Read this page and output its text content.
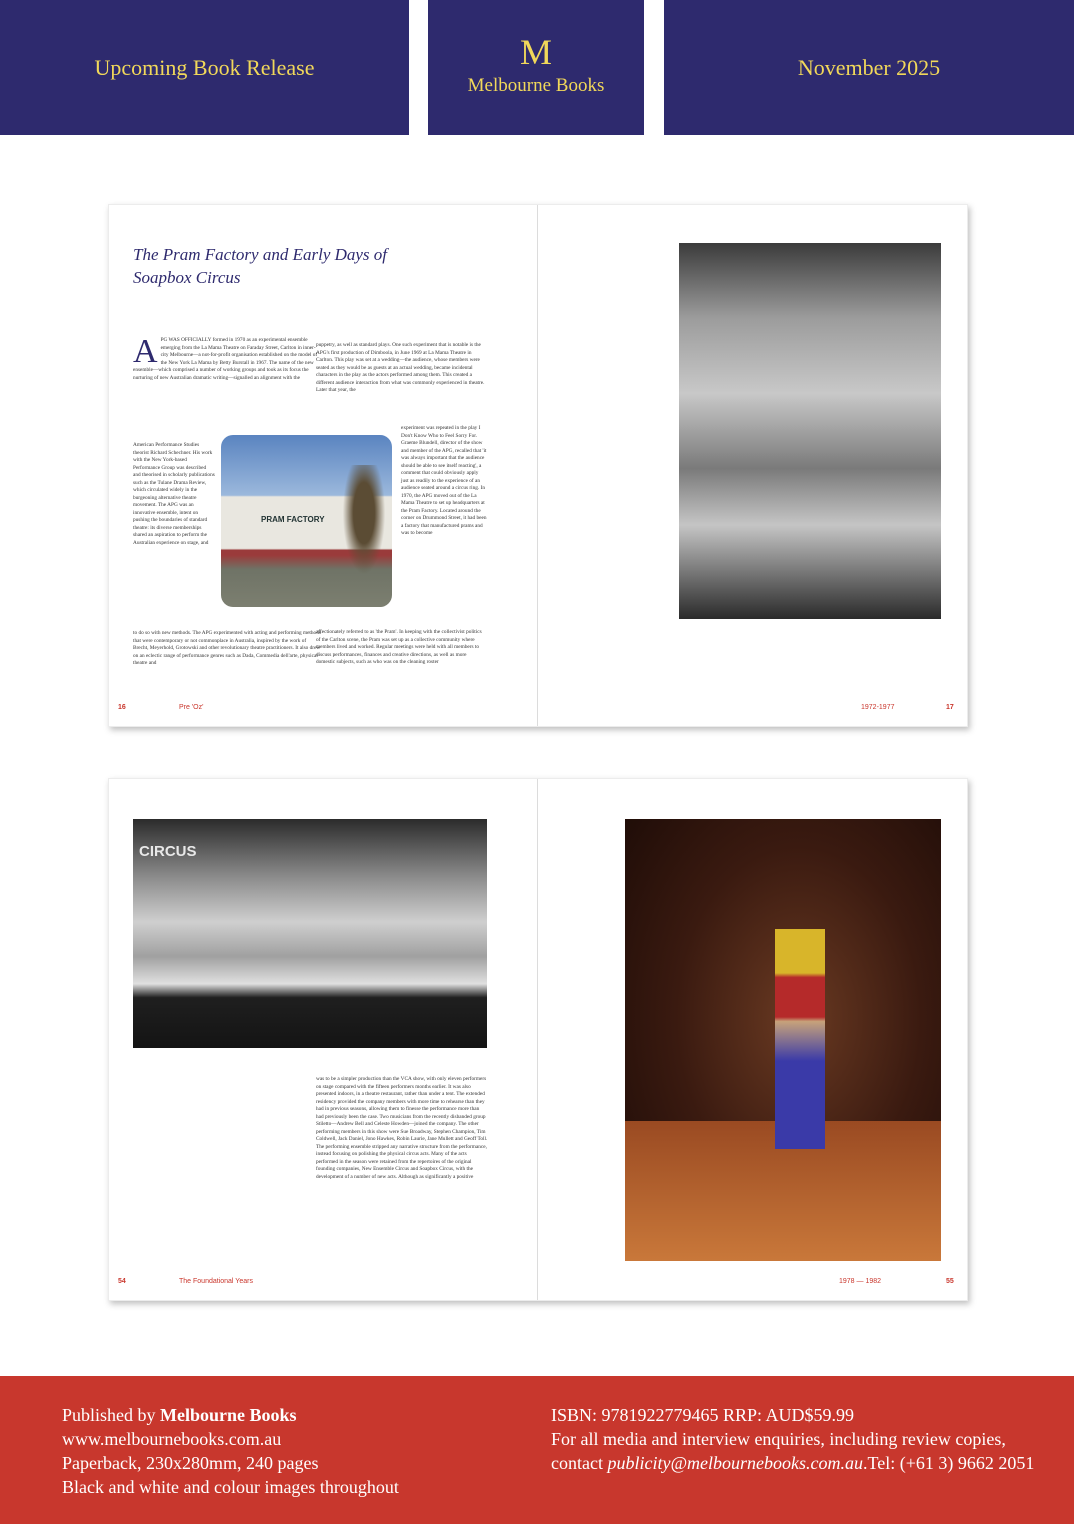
Upcoming Book Release	M
Melbourne Books
November 2025
The Pram Factory and Early Days of Soapbox Circus
APG WAS OFFICIALLY formed in 1970 as an experimental ensemble emerging from the La Mama Theatre on Faraday Street, Carlton in inner-city Melbourne—a not-for-profit organisation established on the model of the New York La Mama by Betty Burstall in 1967. The name of the new ensemble—which comprised a number of working groups and took as its focus the nurturing of new Australian dramatic writing—signalled an alignment with the
American Performance Studies theorist Richard Schechner. His work with the New York-based Performance Group was described and theorised in scholarly publications such as the Tulane Drama Review, which circulated widely in the burgeoning alternative theatre movement. The APG was an innovative ensemble, intent on pushing the boundaries of standard theatre: its diverse memberships shared an aspiration to perform the Australian experience on stage, and
to do so with new methods. The APG experimented with acting and performing methods that were contemporary or not commonplace in Australia, inspired by the work of Brecht, Meyerhold, Grotowski and other revolutionary theatre practitioners. It also drew on an eclectic range of performance genres such as Dada, Commedia dell'arte, physical theatre and
puppetry, as well as standard plays. One such experiment that is notable is the APG's first production of Dimboola, in June 1969 at La Mama Theatre in Carlton. This play was set at a wedding—the audience, whose members were seated as they would be as guests at an actual wedding, became incidental characters in the play as the actors performed among them. This created a different audience interaction from what was commonly experienced in theatre. Later that year, the
experiment was repeated in the play I Don't Know Who to Feel Sorry For. Graeme Blundell, director of the show and member of the APG, recalled that 'it was always important that the audience should be able to see itself reacting', a comment that could obviously apply just as readily to the experience of an audience seated around a circus ring. In 1970, the APG moved out of the La Mama Theatre to set up headquarters at the Pram Factory. Located around the corner on Drummond Street, it had been a factory that manufactured prams and was to become
affectionately referred to as 'the Pram'. In keeping with the collectivist politics of the Carlton scene, the Pram was set up as a collective community where members lived and worked. Regular meetings were held with all members to discuss performances, finances and creative directions, as well as more domestic subjects, such as who was on the cleaning roster
PRAM FACTORY
16	Pre 'Oz'	1972-1977	17
CIRCUS
was to be a simpler production than the VCA show, with only eleven performers on stage compared with the fifteen performers months earlier. It was also presented indoors, in a theatre restaurant, rather than under a tent. The extended residency provided the company members with more time to rehearse than they had in previous seasons, allowing them to finesse the performance more than had previously been the case. Two musicians from the recently disbanded group Stiletto—Andrew Bell and Celeste Howden—joined the company. The other performing members in this show were Sue Broadway, Stephen Champion, Tim Coldwell, Jack Daniel, Jono Hawkes, Robin Laurie, Jane Mullett and Geoff Toll. The performing ensemble stripped any narrative structure from the performance, instead focusing on polishing the physical circus acts. Many of the acts performed in the season were retained from the repertoires of the original founding companies, New Ensemble Circus and Soapbox Circus, with the development of a number of new acts. Although as significantly a positive
54	The Foundational Years	1978 — 1982	55
Published by Melbourne Books
www.melbournebooks.com.au
Paperback, 230x280mm, 240 pages
Black and white and colour images throughout
ISBN: 9781922779465 RRP: AUD$59.99
For all media and interview enquiries, including review copies,
contact publicity@melbournebooks.com.au.Tel: (+61 3) 9662 2051
